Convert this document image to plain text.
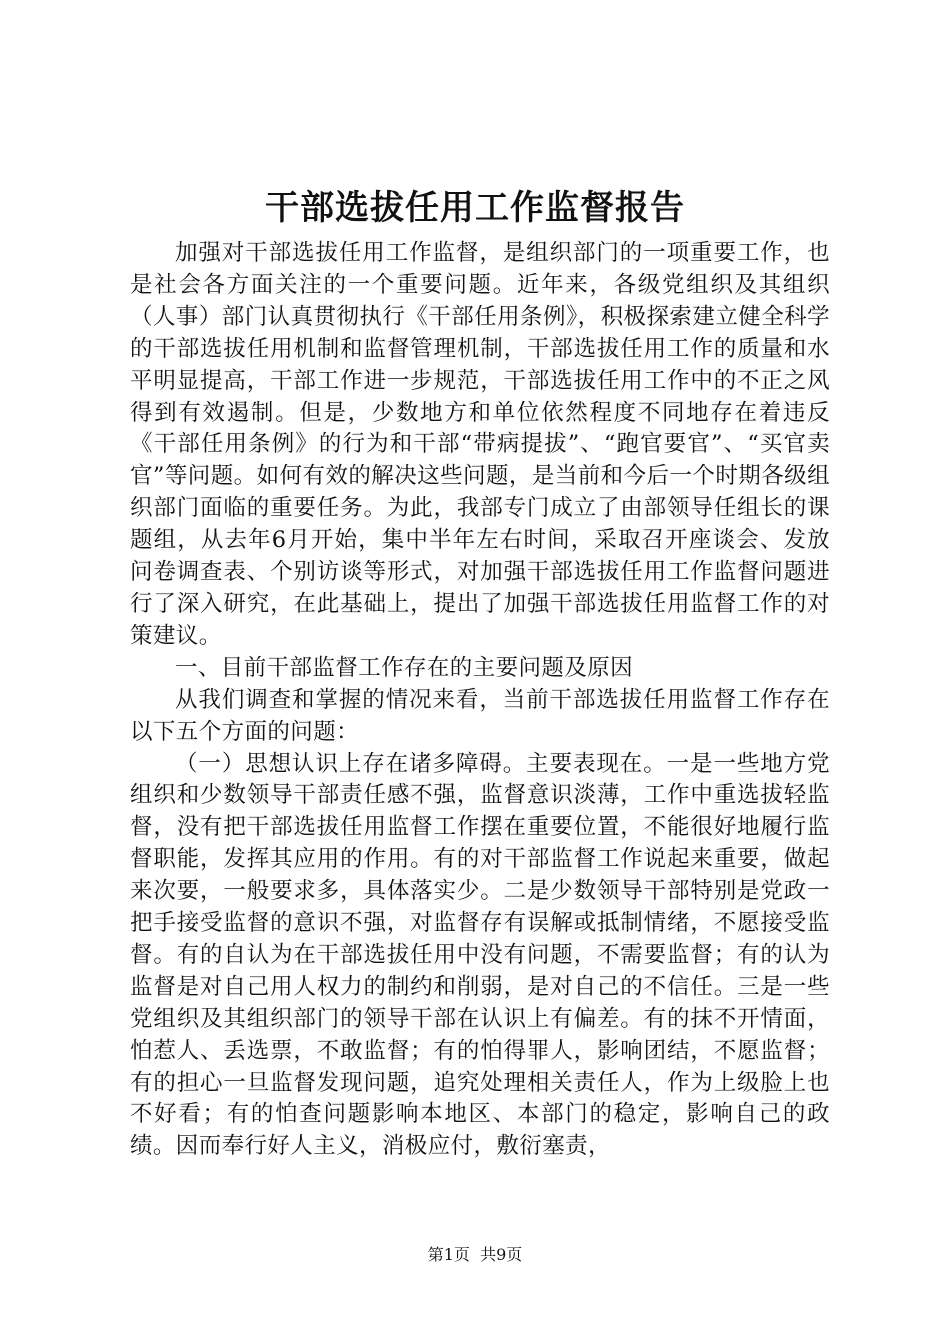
干部选拔任用工作监督报告

加强对干部选拔任用工作监督，是组织部门的一项重要工作，也是社会各方面关注的一个重要问题。近年来，各级党组织及其组织（人事）部门认真贯彻执行《干部任用条例》，积极探索建立健全科学的干部选拔任用机制和监督管理机制，干部选拔任用工作的质量和水平明显提高，干部工作进一步规范，干部选拔任用工作中的不正之风得到有效遏制。但是，少数地方和单位依然程度不同地存在着违反《干部任用条例》的行为和干部“带病提拔”、“跑官要官”、“买官卖官”等问题。如何有效的解决这些问题，是当前和今后一个时期各级组织部门面临的重要任务。为此，我部专门成立了由部领导任组长的课题组，从去年6月开始，集中半年左右时间，采取召开座谈会、发放问卷调查表、个别访谈等形式，对加强干部选拔任用工作监督问题进行了深入研究，在此基础上，提出了加强干部选拔任用监督工作的对策建议。

一、目前干部监督工作存在的主要问题及原因

从我们调查和掌握的情况来看，当前干部选拔任用监督工作存在以下五个方面的问题：

（一）思想认识上存在诸多障碍。主要表现在。一是一些地方党组织和少数领导干部责任感不强，监督意识淡薄，工作中重选拔轻监督，没有把干部选拔任用监督工作摆在重要位置，不能很好地履行监督职能，发挥其应用的作用。有的对干部监督工作说起来重要，做起来次要，一般要求多，具体落实少。二是少数领导干部特别是党政一把手接受监督的意识不强，对监督存有误解或抵制情绪，不愿接受监督。有的自认为在干部选拔任用中没有问题，不需要监督；有的认为监督是对自己用人权力的制约和削弱，是对自己的不信任。三是一些党组织及其组织部门的领导干部在认识上有偏差。有的抹不开情面，怕惹人、丢选票，不敢监督；有的怕得罪人，影响团结，不愿监督；有的担心一旦监督发现问题，追究处理相关责任人，作为上级脸上也不好看；有的怕查问题影响本地区、本部门的稳定，影响自己的政绩。因而奉行好人主义，消极应付，敷衍塞责，

第1页 共9页
